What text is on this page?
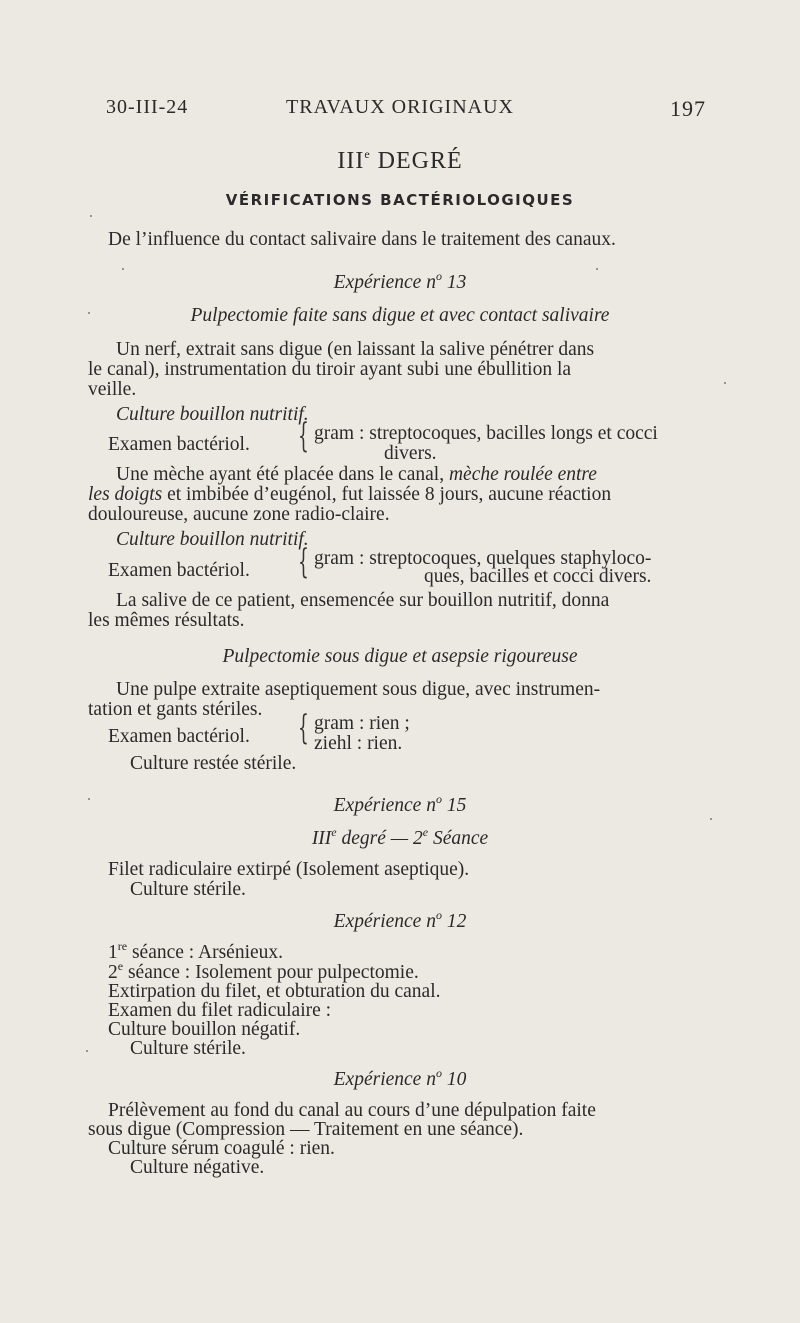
30-III-24	TRAVAUX ORIGINAUX	197
IIIe DEGRÉ
VÉRIFICATIONS BACTÉRIOLOGIQUES
De l’influence du contact salivaire dans le traitement des canaux.
Expérience $n^o$ 13
Pulpectomie faite sans digue et avec contact salivaire
Un nerf, extrait sans digue (en laissant la salive pénétrer dans
le canal), instrumentation du tiroir ayant subi une ébullition la
veille.
Culture bouillon nutritif.
Examen bactériol. { gram : streptocoques, bacilles longs et cocci
divers.
Une mèche ayant été placée dans le canal, mèche roulée entre
les doigts et imbibée d’eugénol, fut laissée 8 jours, aucune réaction
douloureuse, aucune zone radio-claire.
Culture bouillon nutritif.
Examen bactériol. { gram : streptocoques, quelques staphyloco-
ques, bacilles et cocci divers.
La salive de ce patient, ensemencée sur bouillon nutritif, donna
les mêmes résultats.
Pulpectomie sous digue et asepsie rigoureuse
Une pulpe extraite aseptiquement sous digue, avec instrumen-
tation et gants stériles.
Examen bactériol. { gram : rien ;
ziehl : rien.
Culture restée stérile.
Expérience $n^o$ 15
IIIe degré — 2e Séance
Filet radiculaire extirpé (Isolement aseptique).
Culture stérile.
Expérience $n^o$ 12
1re séance : Arsénieux.
2e séance : Isolement pour pulpectomie.
Extirpation du filet, et obturation du canal.
Examen du filet radiculaire :
Culture bouillon négatif.
Culture stérile.
Expérience $n^o$ 10
Prélèvement au fond du canal au cours d’une dépulpation faite
sous digue (Compression — Traitement en une séance).
Culture sérum coagulé : rien.
Culture négative.
